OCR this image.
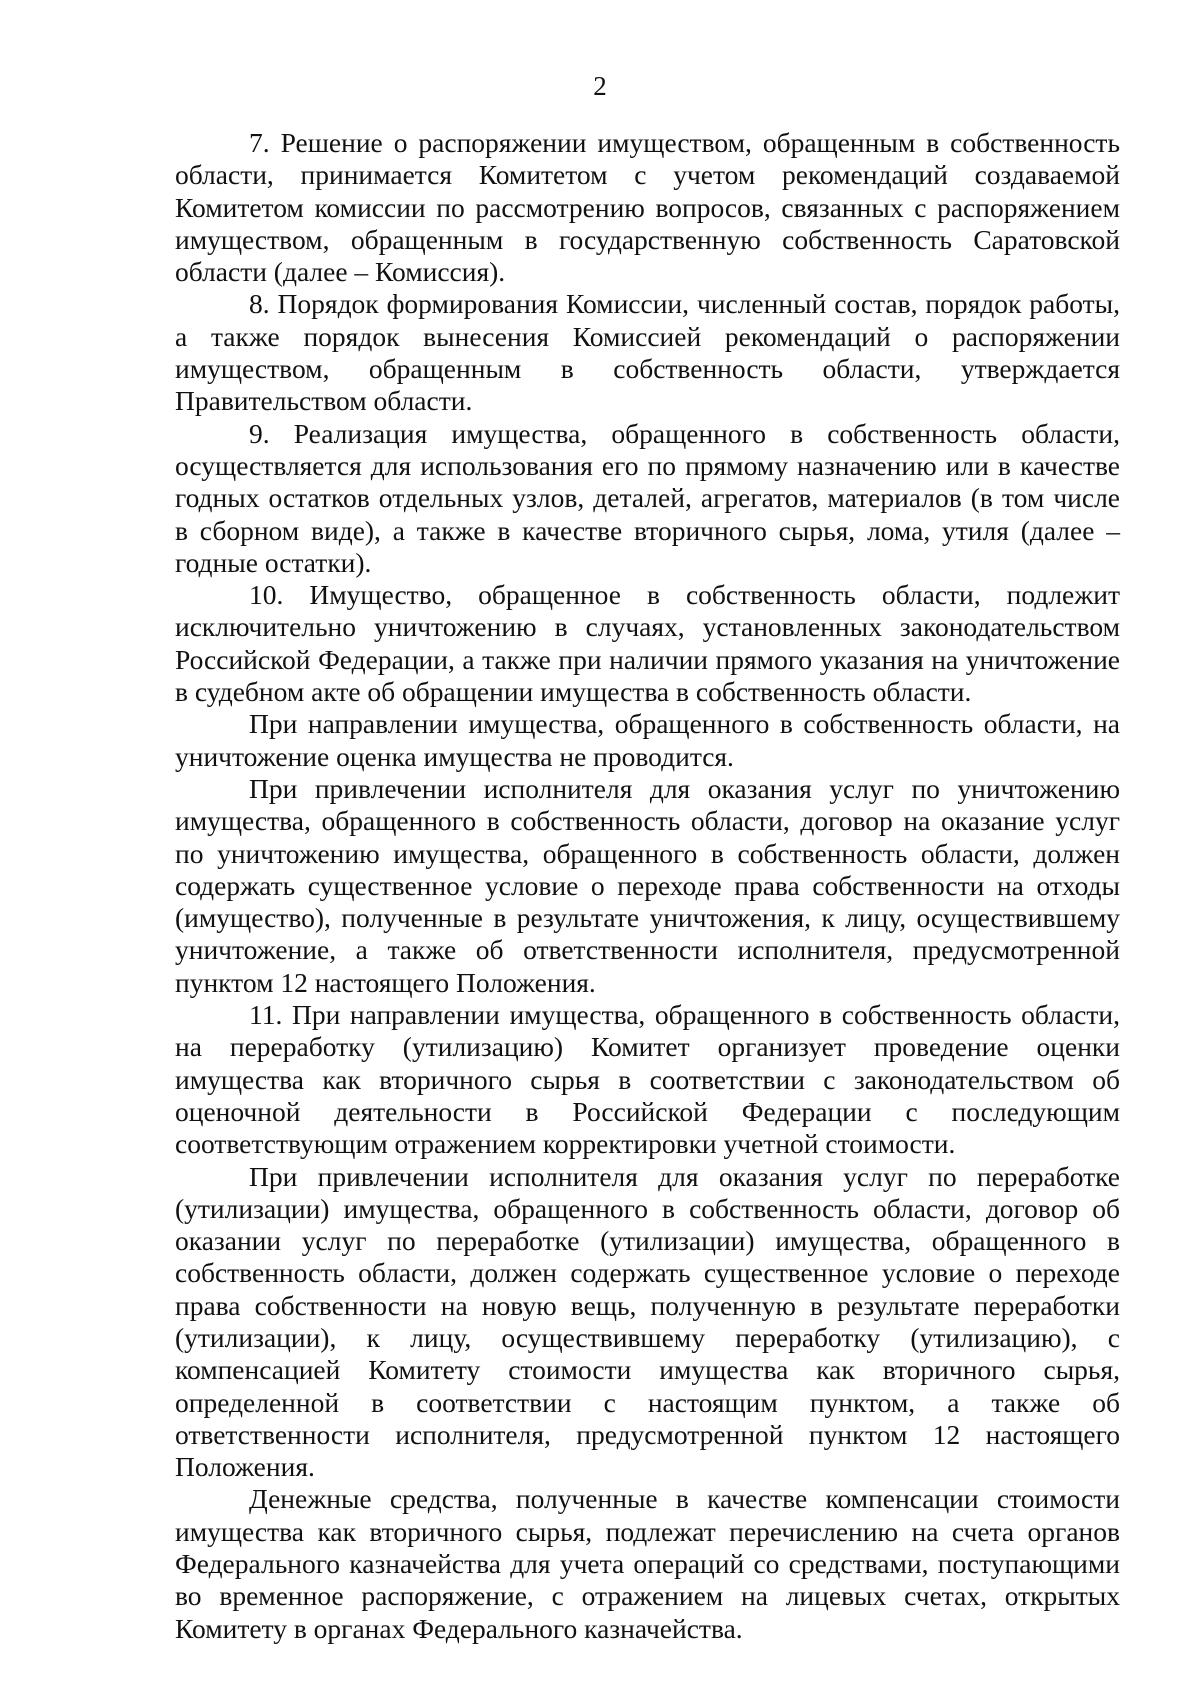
2

7. Решение о распоряжении имуществом, обращенным в собственность области, принимается Комитетом с учетом рекомендаций создаваемой Комитетом комиссии по рассмотрению вопросов, связанных с распоряжением имуществом, обращенным в государственную собственность Саратовской области (далее – Комиссия).

8. Порядок формирования Комиссии, численный состав, порядок работы, а также порядок вынесения Комиссией рекомендаций о распоряжении имуществом, обращенным в собственность области, утверждается Правительством области.

9. Реализация имущества, обращенного в собственность области, осуществляется для использования его по прямому назначению или в качестве годных остатков отдельных узлов, деталей, агрегатов, материалов (в том числе в сборном виде), а также в качестве вторичного сырья, лома, утиля (далее – годные остатки).

10. Имущество, обращенное в собственность области, подлежит исключительно уничтожению в случаях, установленных законодательством Российской Федерации, а также при наличии прямого указания на уничтожение в судебном акте об обращении имущества в собственность области.

При направлении имущества, обращенного в собственность области, на уничтожение оценка имущества не проводится.

При привлечении исполнителя для оказания услуг по уничтожению имущества, обращенного в собственность области, договор на оказание услуг по уничтожению имущества, обращенного в собственность области, должен содержать существенное условие о переходе права собственности на отходы (имущество), полученные в результате уничтожения, к лицу, осуществившему уничтожение, а также об ответственности исполнителя, предусмотренной пунктом 12 настоящего Положения.

11. При направлении имущества, обращенного в собственность области, на переработку (утилизацию) Комитет организует проведение оценки имущества как вторичного сырья в соответствии с законодательством об оценочной деятельности в Российской Федерации с последующим соответствующим отражением корректировки учетной стоимости.

При привлечении исполнителя для оказания услуг по переработке (утилизации) имущества, обращенного в собственность области, договор об оказании услуг по переработке (утилизации) имущества, обращенного в собственность области, должен содержать существенное условие о переходе права собственности на новую вещь, полученную в результате переработки (утилизации), к лицу, осуществившему переработку (утилизацию), с компенсацией Комитету стоимости имущества как вторичного сырья, определенной в соответствии с настоящим пунктом, а также об ответственности исполнителя, предусмотренной пунктом 12 настоящего Положения.

Денежные средства, полученные в качестве компенсации стоимости имущества как вторичного сырья, подлежат перечислению на счета органов Федерального казначейства для учета операций со средствами, поступающими во временное распоряжение, с отражением на лицевых счетах, открытых Комитету в органах Федерального казначейства.
